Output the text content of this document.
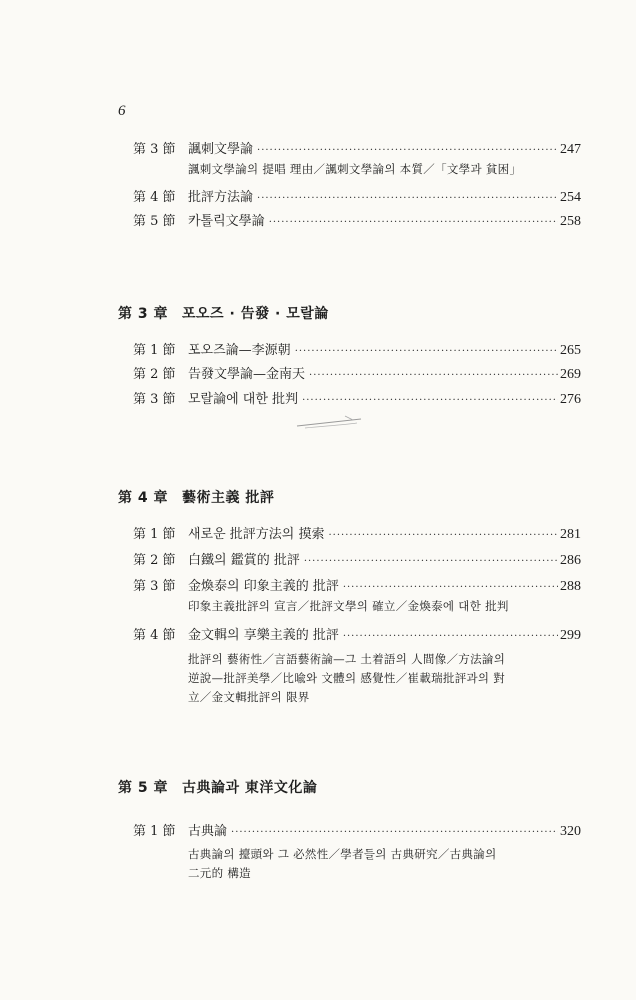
6
第 3 節 諷刺文學論 ·····	247
諷刺文學論의 提唱 理由／諷刺文學論의 本質／「文學과 貧困」
第 4 節 批評方法論 ·····	254
第 5 節 카톨릭文學論 ·····	258
第 3 章 포오즈 · 告發 · 모랄論
第 1 節 포오즈論—李源朝 ·····	265
第 2 節 告發文學論—金南天 ·····	269
第 3 節 모랄論에 대한 批判 ·····	276
第 4 章 藝術主義 批評
第 1 節 새로운 批評方法의 摸索 ·····	281
第 2 節 白鐵의 鑑賞的 批評 ·····	286
第 3 節 金煥泰의 印象主義的 批評 ·····	288
印象主義批評의 宣言／批評文學의 確立／金煥泰에 대한 批判
第 4 節 金文輯의 享樂主義的 批評 ·····	299
批評의 藝術性／言語藝術論—그 土着語의 人間像／方法論의
逆說—批評美學／比喩와 文體의 感覺性／崔載瑞批評과의 對
立／金文輯批評의 限界
第 5 章 古典論과 東洋文化論
第 1 節 古典論 ·····	320
古典論의 擡頭와 그 必然性／學者들의 古典研究／古典論의
二元的 構造
